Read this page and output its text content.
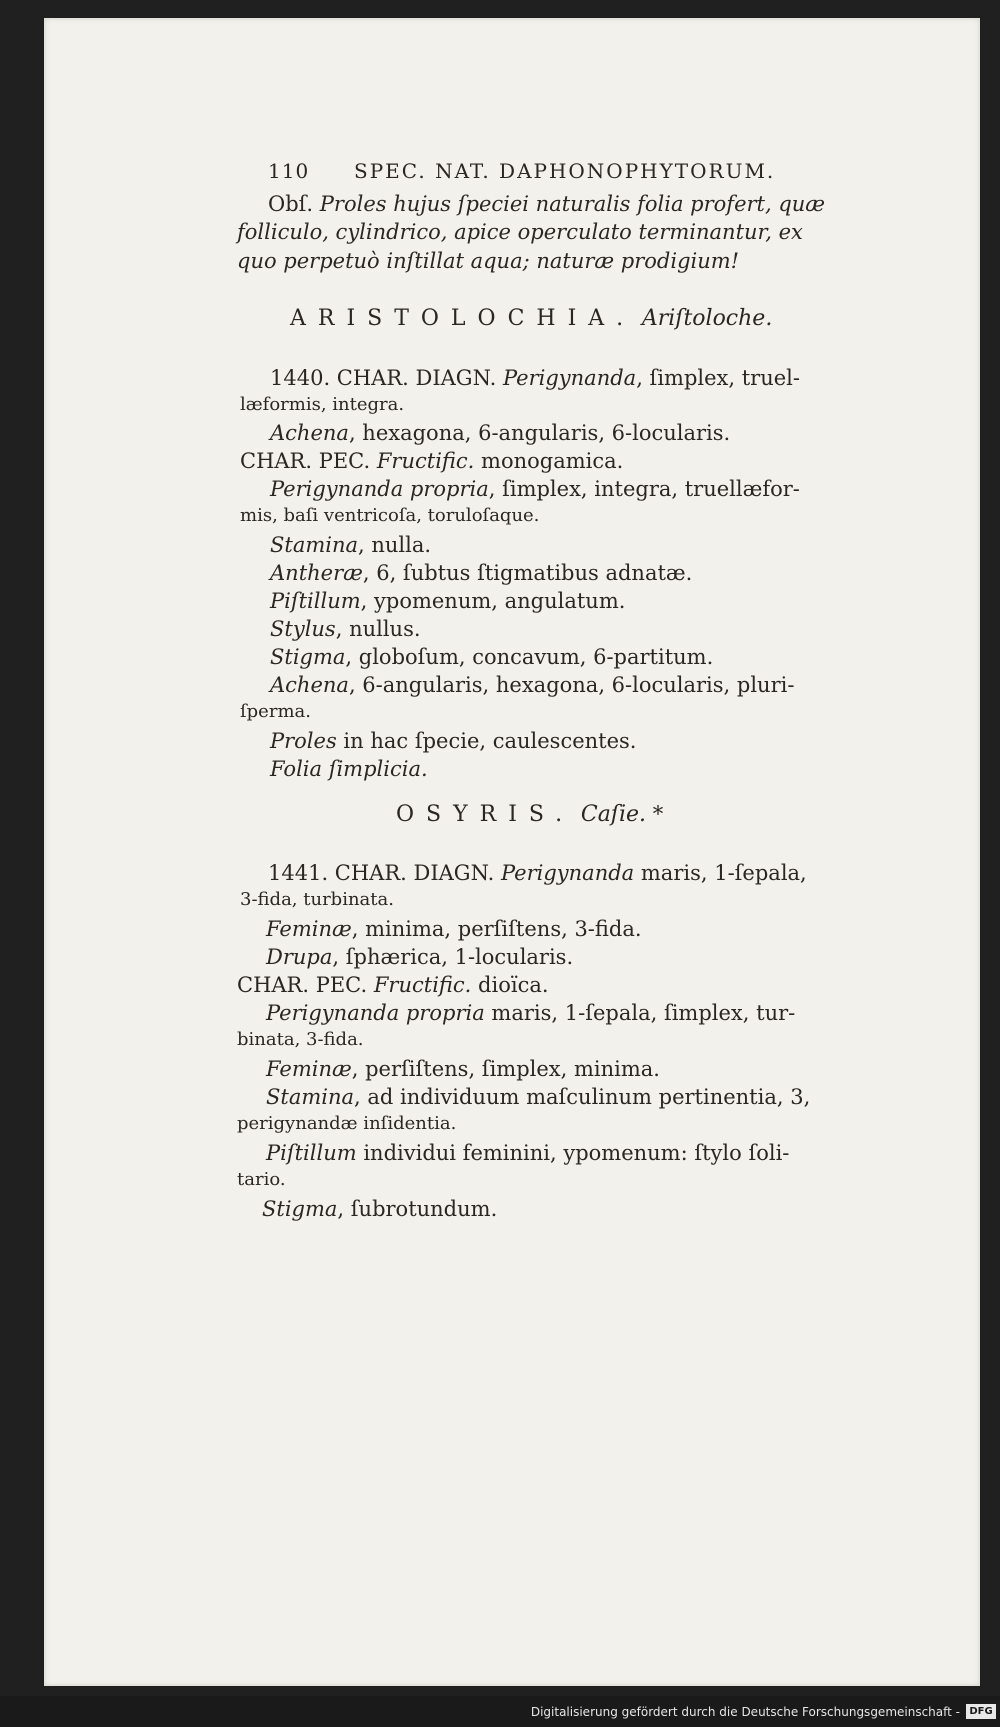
110 SPEC. NAT. DAPHONOPHYTORUM.
Obſ. Proles hujus ſpeciei naturalis folia profert, quæ
folliculo, cylindrico, apice operculato terminantur, ex
quo perpetuò inſtillat aqua; naturæ prodigium!
ARISTOLOCHIA. Ariſtoloche.
1440. CHAR. DIAGN. Perigynanda, ſimplex, truel-
læformis, integra.
Achena, hexagona, 6-angularis, 6-locularis.
CHAR. PEC. Fructific. monogamica.
Perigynanda propria, ſimplex, integra, truellæfor-
mis, baſi ventricoſa, toruloſaque.
Stamina, nulla.
Antheræ, 6, ſubtus ſtigmatibus adnatæ.
Piſtillum, ypomenum, angulatum.
Stylus, nullus.
Stigma, globoſum, concavum, 6-partitum.
Achena, 6-angularis, hexagona, 6-locularis, pluri-
ſperma.
Proles in hac ſpecie, caulescentes.
Folia ſimplicia.
OSYRIS. Caſie. *
1441. CHAR. DIAGN. Perigynanda maris, 1-ſepala,
3-fida, turbinata.
Feminæ, minima, perſiſtens, 3-fida.
Drupa, ſphærica, 1-locularis.
CHAR. PEC. Fructific. dioïca.
Perigynanda propria maris, 1-ſepala, ſimplex, tur-
binata, 3-fida.
Feminæ, perſiſtens, ſimplex, minima.
Stamina, ad individuum maſculinum pertinentia, 3,
perigynandæ inſidentia.
Piſtillum individui feminini, ypomenum: ſtylo ſoli-
tario.
Stigma, ſubrotundum.
Digitalisierung gefördert durch die Deutsche Forschungsgemeinschaft - DFG
